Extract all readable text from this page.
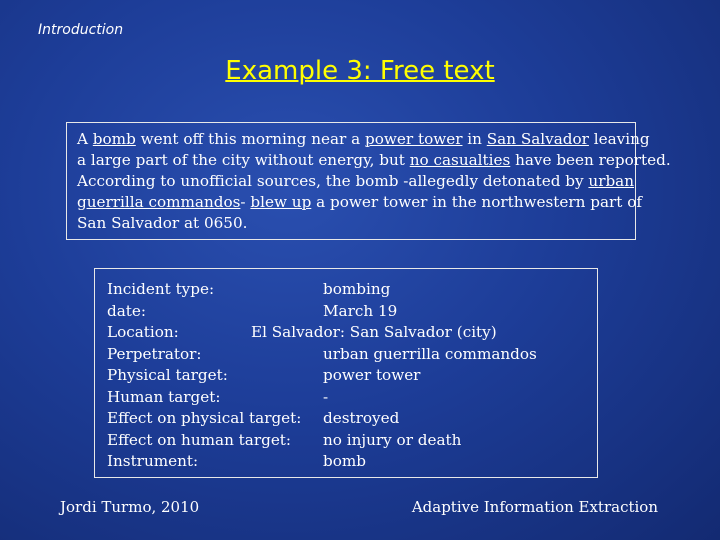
Introduction
Example 3: Free text
A bomb went off this morning near a power tower in San Salvador leaving
a large part of the city without energy, but no casualties have been reported.
According to unofficial sources, the bomb -allegedly detonated by urban
guerrilla commandos- blew up a power tower in the northwestern part of
San Salvador at 0650.
Incident type:	bombing
date:	March 19
Location:	El Salvador: San Salvador (city)
Perpetrator:	urban guerrilla commandos
Physical target:	power tower
Human target:	-
Effect on physical target: destroyed
Effect on human target: no injury or death
Instrument:	bomb
Jordi Turmo, 2010	Adaptive Information Extraction
